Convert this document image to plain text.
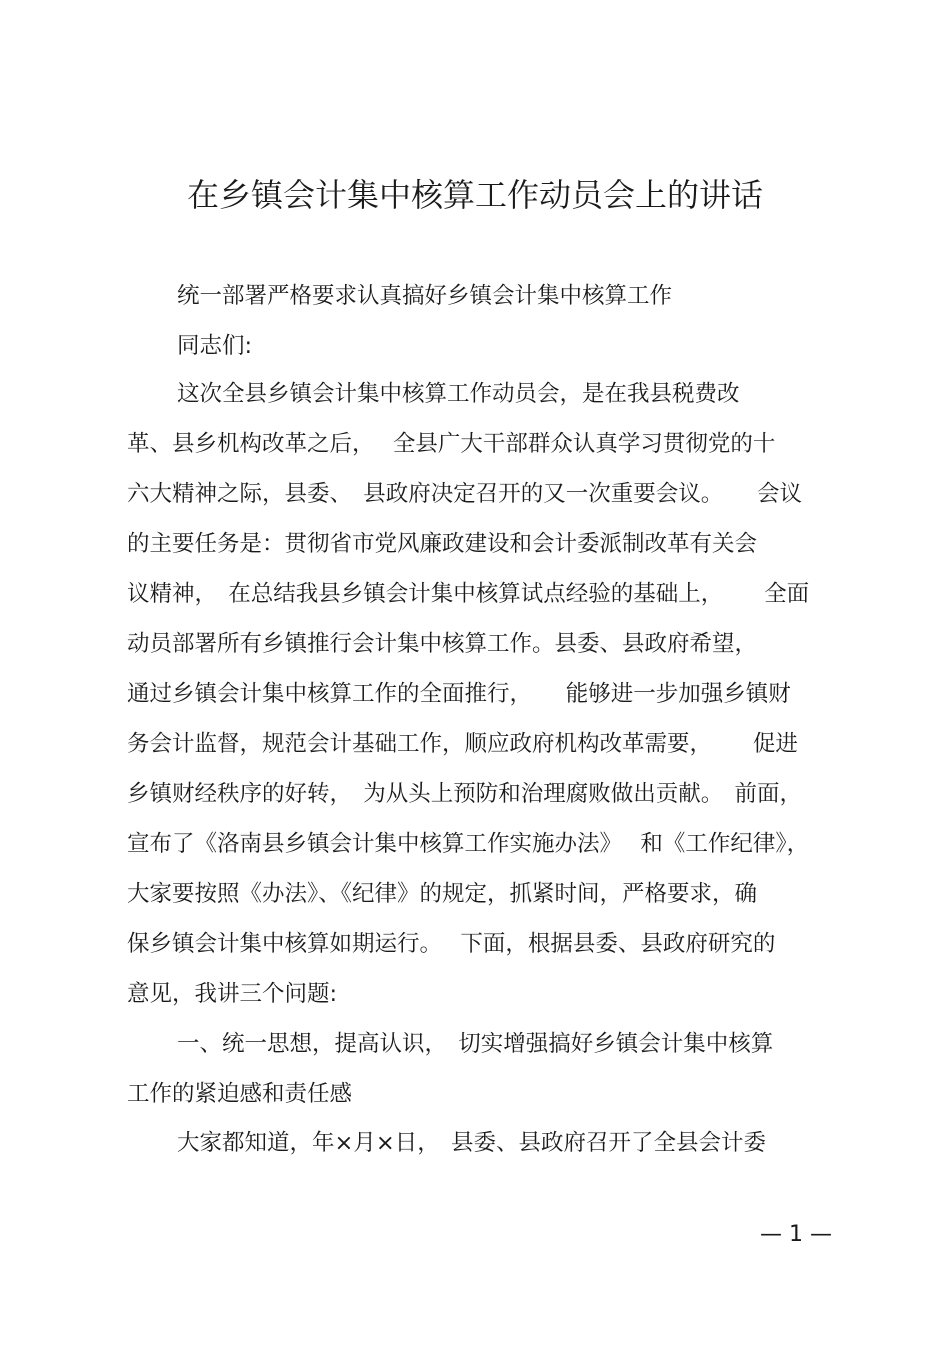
在乡镇会计集中核算工作动员会上的讲话
统一部署严格要求认真搞好乡镇会计集中核算工作
同志们:
这次全县乡镇会计集中核算工作动员会，是在我县税费改
革、县乡机构改革之后，　 全县广大干部群众认真学习贯彻党的十
六大精神之际，县委、　县政府决定召开的又一次重要会议。　　会议
的主要任务是：贯彻省市党风廉政建设和会计委派制改革有关会
议精神，　在总结我县乡镇会计集中核算试点经验的基础上，　　 全面
动员部署所有乡镇推行会计集中核算工作。县委、县政府希望，
通过乡镇会计集中核算工作的全面推行，　　能够进一步加强乡镇财
务会计监督，规范会计基础工作，顺应政府机构改革需要，　　 促进
乡镇财经秩序的好转，　为从头上预防和治理腐败做出贡献。　前面，
宣布了《洛南县乡镇会计集中核算工作实施办法》　 和《工作纪律》，
大家要按照《办法》、《纪律》的规定，抓紧时间，严格要求，确
保乡镇会计集中核算如期运行。　 下面，根据县委、县政府研究的
意见，我讲三个问题:
一、统一思想，提高认识，　切实增强搞好乡镇会计集中核算
工作的紧迫感和责任感
大家都知道，年×月×日，　县委、县政府召开了全县会计委
— 1 —
